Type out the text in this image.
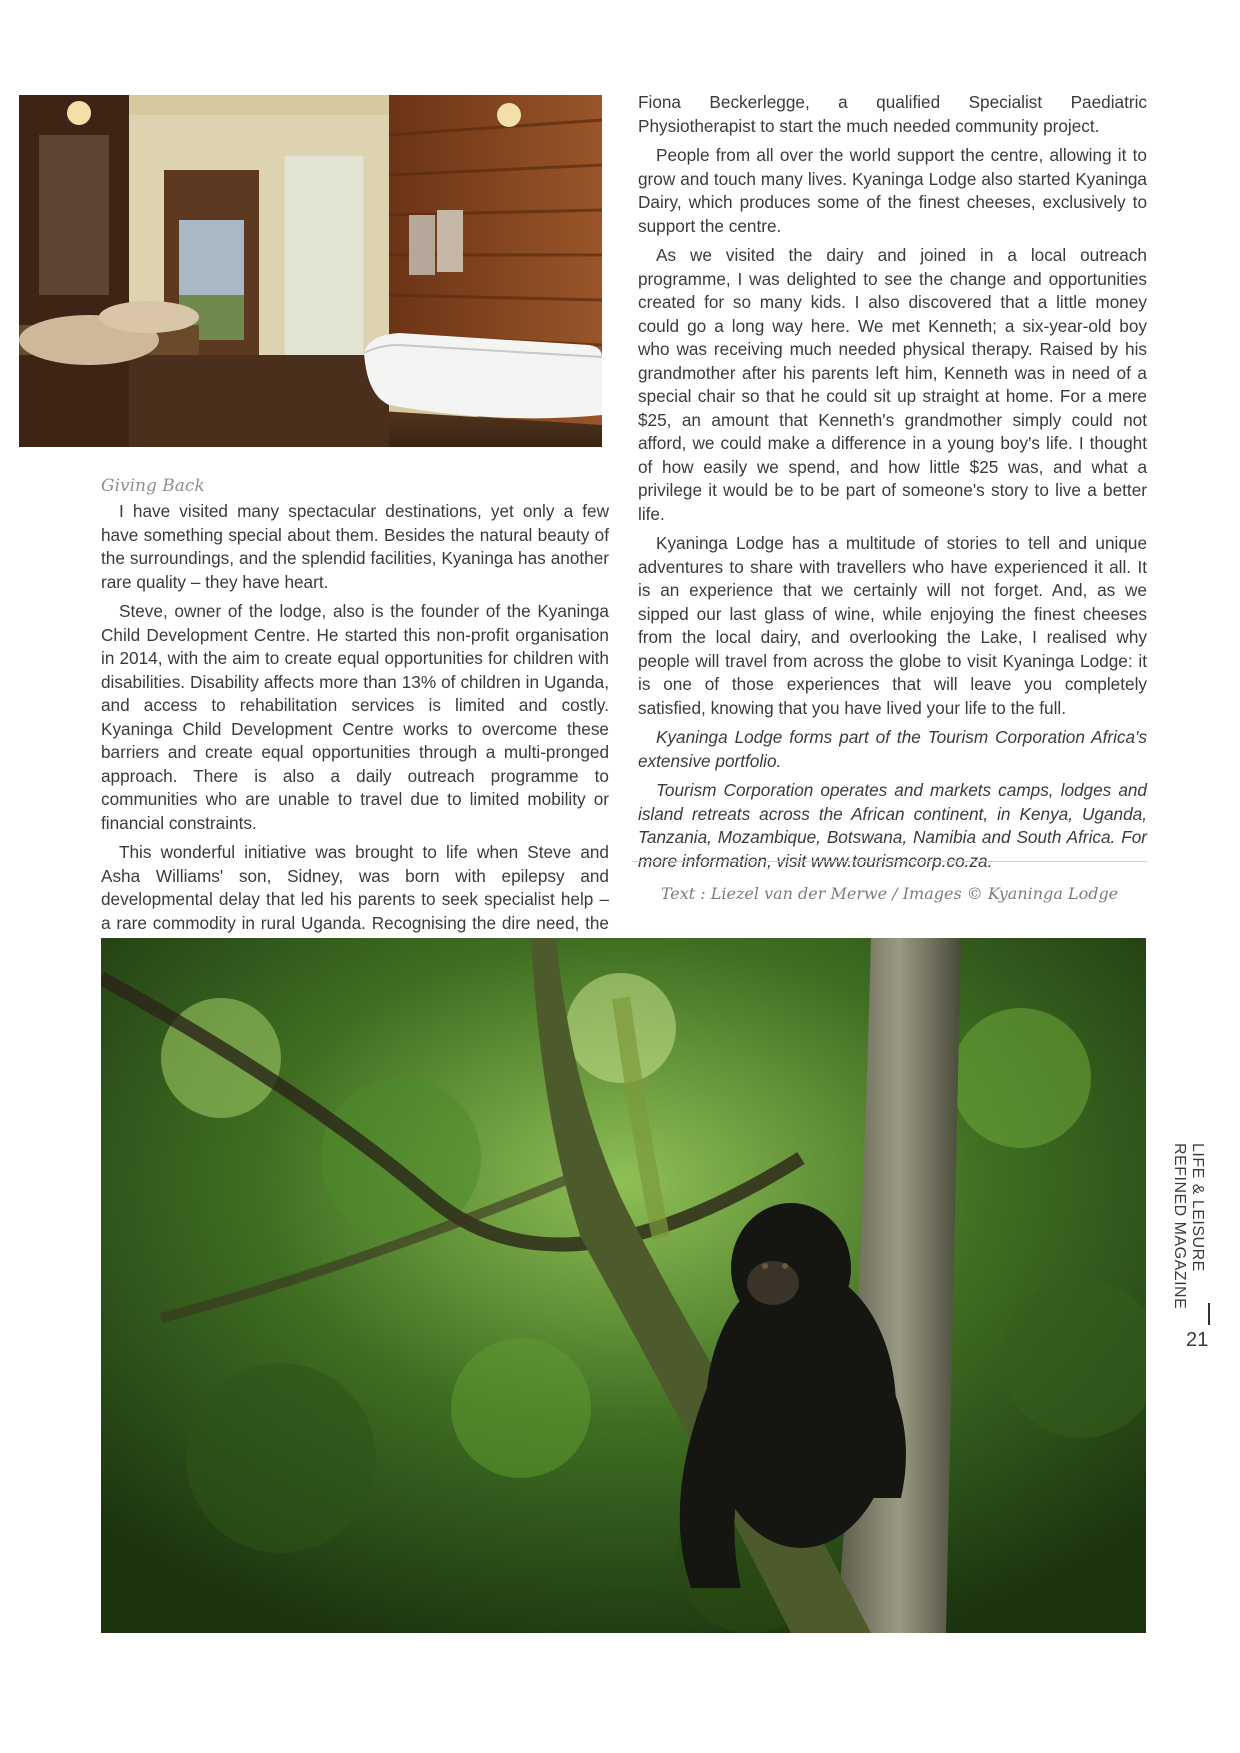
Giving Back

I have visited many spectacular destinations, yet only a few have something special about them. Besides the natural beauty of the surroundings, and the splendid facilities, Kyaninga has another rare quality – they have heart.

Steve, owner of the lodge, also is the founder of the Kyaninga Child Development Centre. He started this non-profit organisation in 2014, with the aim to create equal opportunities for children with disabilities. Disability affects more than 13% of children in Uganda, and access to rehabilitation services is limited and costly. Kyaninga Child Development Centre works to overcome these barriers and create equal opportunities through a multi-pronged approach. There is also a daily outreach programme to communities who are unable to travel due to limited mobility or financial constraints.

This wonderful initiative was brought to life when Steve and Asha Williams' son, Sidney, was born with epilepsy and developmental delay that led his parents to seek specialist help – a rare commodity in rural Uganda. Recognising the dire need, the

Fiona Beckerlegge, a qualified Specialist Paediatric Physiotherapist to start the much needed community project.

People from all over the world support the centre, allowing it to grow and touch many lives. Kyaninga Lodge also started Kyaninga Dairy, which produces some of the finest cheeses, exclusively to support the centre.

As we visited the dairy and joined in a local outreach programme, I was delighted to see the change and opportunities created for so many kids. I also discovered that a little money could go a long way here. We met Kenneth; a six-year-old boy who was receiving much needed physical therapy. Raised by his grandmother after his parents left him, Kenneth was in need of a special chair so that he could sit up straight at home. For a mere $25, an amount that Kenneth's grandmother simply could not afford, we could make a difference in a young boy's life. I thought of how easily we spend, and how little $25 was, and what a privilege it would be to be part of someone's story to live a better life.

Kyaninga Lodge has a multitude of stories to tell and unique adventures to share with travellers who have experienced it all. It is an experience that we certainly will not forget. And, as we sipped our last glass of wine, while enjoying the finest cheeses from the local dairy, and overlooking the Lake, I realised why people will travel from across the globe to visit Kyaninga Lodge: it is one of those experiences that will leave you completely satisfied, knowing that you have lived your life to the full.

Kyaninga Lodge forms part of the Tourism Corporation Africa's extensive portfolio.

Tourism Corporation operates and markets camps, lodges and island retreats across the African continent, in Kenya, Uganda, Tanzania, Mozambique, Botswana, Namibia and South Africa. For more information, visit www.tourismcorp.co.za.

Text : Liezel van der Merwe / Images © Kyaninga Lodge
LIFE & LEISURE
REFINED MAGAZINE
21
